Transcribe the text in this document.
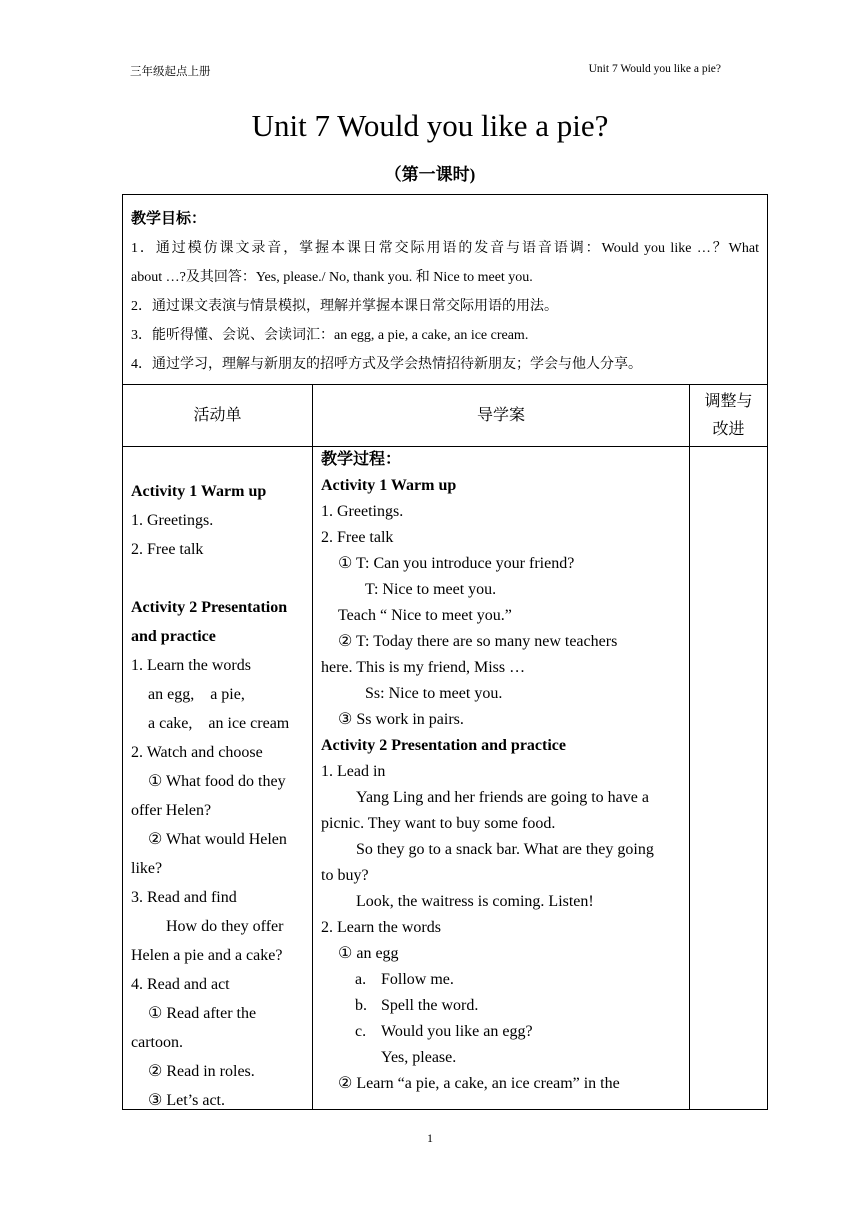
三年级起点上册	Unit 7 Would you like a pie?
Unit 7 Would you like a pie?
（第一课时)
教学目标：
1．通过模仿课文录音，掌握本课日常交际用语的发音与语音语调：Would you like …？What
about …?及其回答：Yes, please./ No, thank you. 和 Nice to meet you.
2．通过课文表演与情景模拟，理解并掌握本课日常交际用语的用法。
3．能听得懂、会说、会读词汇：an egg, a pie, a cake, an ice cream.
4．通过学习，理解与新朋友的招呼方式及学会热情招待新朋友；学会与他人分享。
活动单	导学案
调整与
改进
Activity 1 Warm up
1. Greetings.
2. Free talk
Activity 2 Presentation
and practice
1. Learn the words
an egg,    a pie,
a cake,    an ice cream
2. Watch and choose
① What food do they
offer Helen?
② What would Helen
like?
3. Read and find
How do they offer
Helen a pie and a cake?
4. Read and act
① Read after the
cartoon.
② Read in roles.
③ Let’s act.
教学过程：
Activity 1 Warm up
1. Greetings.
2. Free talk
① T: Can you introduce your friend?
T: Nice to meet you.
Teach “ Nice to meet you.”
② T: Today there are so many new teachers
here. This is my friend, Miss …
Ss: Nice to meet you.
③ Ss work in pairs.
Activity 2 Presentation and practice
1. Lead in
Yang Ling and her friends are going to have a
picnic. They want to buy some food.
So they go to a snack bar. What are they going
to buy?
Look, the waitress is coming. Listen!
2. Learn the words
① an egg
a. Follow me.
b. Spell the word.
c. Would you like an egg?
Yes, please.
② Learn “a pie, a cake, an ice cream” in the
1
